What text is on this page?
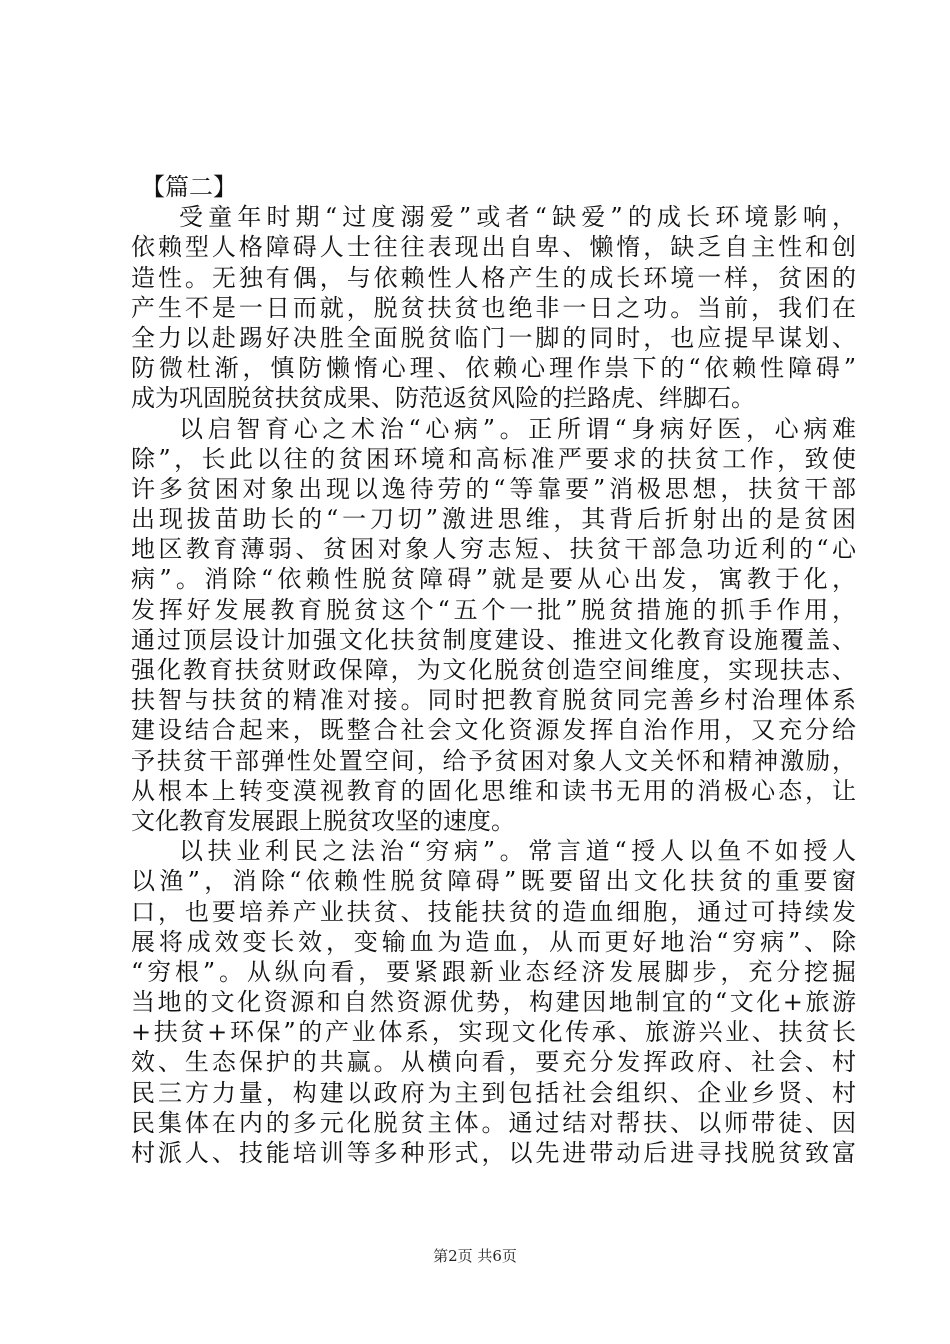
【篇二】
受童年时期“过度溺爱”或者“缺爱”的成长环境影响，
依赖型人格障碍人士往往表现出自卑、懒惰，缺乏自主性和创
造性。无独有偶，与依赖性人格产生的成长环境一样，贫困的
产生不是一日而就，脱贫扶贫也绝非一日之功。当前，我们在
全力以赴踢好决胜全面脱贫临门一脚的同时，也应提早谋划、
防微杜渐，慎防懒惰心理、依赖心理作祟下的“依赖性障碍”
成为巩固脱贫扶贫成果、防范返贫风险的拦路虎、绊脚石。
以启智育心之术治“心病”。正所谓“身病好医，心病难
除”，长此以往的贫困环境和高标准严要求的扶贫工作，致使
许多贫困对象出现以逸待劳的“等靠要”消极思想，扶贫干部
出现拔苗助长的“一刀切”激进思维，其背后折射出的是贫困
地区教育薄弱、贫困对象人穷志短、扶贫干部急功近利的“心
病”。消除“依赖性脱贫障碍”就是要从心出发，寓教于化，
发挥好发展教育脱贫这个“五个一批”脱贫措施的抓手作用，
通过顶层设计加强文化扶贫制度建设、推进文化教育设施覆盖、
强化教育扶贫财政保障，为文化脱贫创造空间维度，实现扶志、
扶智与扶贫的精准对接。同时把教育脱贫同完善乡村治理体系
建设结合起来，既整合社会文化资源发挥自治作用，又充分给
予扶贫干部弹性处置空间，给予贫困对象人文关怀和精神激励，
从根本上转变漠视教育的固化思维和读书无用的消极心态，让
文化教育发展跟上脱贫攻坚的速度。
以扶业利民之法治“穷病”。常言道“授人以鱼不如授人
以渔”，消除“依赖性脱贫障碍”既要留出文化扶贫的重要窗
口，也要培养产业扶贫、技能扶贫的造血细胞，通过可持续发
展将成效变长效，变输血为造血，从而更好地治“穷病”、除
“穷根”。从纵向看，要紧跟新业态经济发展脚步，充分挖掘
当地的文化资源和自然资源优势，构建因地制宜的“文化+旅游
+扶贫+环保”的产业体系，实现文化传承、旅游兴业、扶贫长
效、生态保护的共赢。从横向看，要充分发挥政府、社会、村
民三方力量，构建以政府为主到包括社会组织、企业乡贤、村
民集体在内的多元化脱贫主体。通过结对帮扶、以师带徒、因
村派人、技能培训等多种形式，以先进带动后进寻找脱贫致富
第2页 共6页
